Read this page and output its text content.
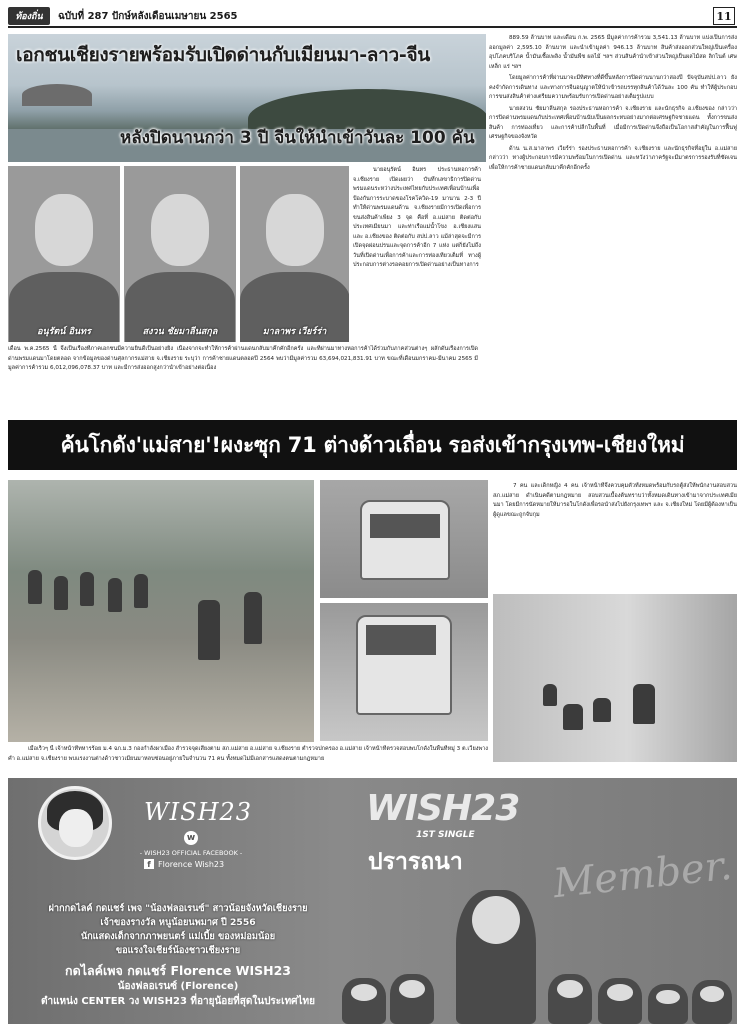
ท้องถิ่น	ฉบับที่ 287 ปักษ์หลังเดือนเมษายน 2565	11
เอกชนเชียงรายพร้อมรับเปิดด่านกับเมียนมา-ลาว-จีน
หลังปิดนานกว่า 3 ปี จีนให้นำเข้าวันละ 100 คัน
อนุรัตน์ อินทร	สงวน ชัยมาลีนสกุล	มาลาพร เวียร์ร่า
นายอนุรัตน์ อินทร ประธานหอการค้า จ.เชียงราย เปิดเผยว่า บันทึกเลขาธิการปิดด่านพรมแดนระหว่างประเทศไทยกับประเทศเพื่อนบ้านเพื่อป้องกันการระบาดของโรคโควิด-19 มานาน 2-3 ปี ทำให้ด่านพรมแดนด้าน จ.เชียงรายมีการเปิดเพื่อการขนส่งสินค้าเพียง 3 จุด คือที่ อ.แม่สาย ติดต่อกับประเทศเมียนมา และท่าเรือแม่น้ำโขง อ.เชียงแสน และ อ.เชียงของ ติดต่อกับ สปป.ลาว แม้ล่าสุดจะมีการเปิดจุดผ่อนปรนและจุดการค้าอีก 7 แห่ง แต่ก็ยังไม่ถึงวันที่เปิดด่านเพื่อการค้าและการท่องเทียวเต็มที่ ทางผู้ประกอบการต่างรอคอยการเปิดด่านอย่างเป็นทางการ
เดือน พ.ค.2565 นี้ จึงเป็นเรื่องที่ภาคเอกชนมีความยินดีเป็นอย่างยิ่ง เนื่องจากจะทำให้การค้าผ่านแดนกลับมาคึกคักอีกครั้ง และที่ผ่านมาทางหอการค้าได้ร่วมกับภาคส่วนต่างๆ ผลักดันเรื่องการเปิดด่านพรมแดนมาโดยตลอด จากข้อมูลของด่านศุลกากรแม่สาย จ.เชียงราย ระบุว่า การค้าชายแดนตลอดปี 2564 พบว่ามีมูลค่ารวม 63,694,021,831.91 บาท ขณะที่เดือนมกราคม-มีนาคม 2565 มีมูลค่าการค้ารวม 6,012,096,078.37 บาท และมีการส่งออกสูงกว่านำเข้าอย่างต่อเนื่อง

889.59 ล้านบาท และเดือน ก.พ. 2565 มีมูลค่าการค้ารวม 3,541.13 ล้านบาท แบ่งเป็นการส่งออกมูลค่า 2,595.10 ล้านบาท และนำเข้ามูลค่า 946.13 ล้านบาท สินค้าส่งออกส่วนใหญ่เป็นเครื่องอุปโภคบริโภค น้ำมันเชื้อเพลิง น้ำมันพืช ผลไม้ ฯลฯ ส่วนสินค้านำเข้าส่วนใหญ่เป็นผลไม้สด ลิกไนต์ เศษเหล็ก แร่ ฯลฯ

โดยมูลค่าการค้าที่ผ่านมาจะมีทิศทางที่ดีขึ้นหลังการปิดด่านนานกว่าสองปี ปัจจุบันสปป.ลาว ยังคงจำกัดการเดินทาง และทางการจีนอนุญาตให้นำเข้ารถบรรทุกสินค้าได้วันละ 100 คัน ทำให้ผู้ประกอบการขนส่งสินค้าต่างเตรียมความพร้อมรับการเปิดด่านอย่างเต็มรูปแบบ

นายสงวน ชัยมาลีนสกุล รองประธานหอการค้า จ.เชียงราย และนักธุรกิจ อ.เชียงของ กล่าวว่า การปิดด่านพรมแดนกับประเทศเพื่อนบ้านนับเป็นผลกระทบอย่างมากต่อเศรษฐกิจชายแดน ทั้งการขนส่งสินค้า การท่องเที่ยว และการค้าปลีกในพื้นที่ เมื่อมีการเปิดด่านจึงถือเป็นโอกาสสำคัญในการฟื้นฟูเศรษฐกิจของจังหวัด

ด้าน น.ส.มาลาพร เวียร์ร่า รองประธานหอการค้า จ.เชียงราย และนักธุรกิจที่อยู่ใน อ.แม่สาย กล่าวว่า ทางผู้ประกอบการมีความพร้อมในการเปิดด่าน และหวังว่าภาครัฐจะมีมาตรการรองรับที่ชัดเจนเพื่อให้การค้าชายแดนกลับมาคึกคักอีกครั้ง

ค้นโกดัง'แม่สาย'!ผงะซุก 71 ต่างด้าวเถื่อน รอส่งเข้ากรุงเทพ-เชียงใหม่
7 คน และเด็กหญิง 4 คน เจ้าหน้าที่จึงควบคุมตัวทั้งหมดพร้อมกับรถตู้ส่งให้พนักงานสอบสวน สภ.แม่สาย ดำเนินคดีตามกฎหมาย สอบสวนเบื้องต้นทราบว่าทั้งหมดเดินทางเข้ามาจากประเทศเมียนมา โดยมีการนัดหมายให้มารอในโกดังเพื่อรอนำส่งไปยังกรุงเทพฯ และ จ.เชียงใหม่ โดยมีผู้ต้องหาเป็นผู้ดูแลขณะถูกจับกุม
เมื่อเร็วๆ นี้ เจ้าหน้าที่ทหารร้อย ม.4 ฉก.ม.3 กองกำลังผาเมือง สำรวจจุดเสี่ยงตาม สภ.แม่สาย อ.แม่สาย จ.เชียงราย ตำรวจปกครอง อ.แม่สาย เจ้าหน้าที่ตรวจสอบพบโกดังในพื้นที่หมู่ 3 ต.เวียงพางคำ อ.แม่สาย จ.เชียงราย พบแรงงานต่างด้าวชาวเมียนมาหลบซ่อนอยู่ภายในจำนวน 71 คน ทั้งหมดไม่มีเอกสารแสดงตนตามกฎหมาย
WISH23
w
- WISH23 OFFICIAL FACEBOOK -
f Florence Wish23
WISH23
1ST SINGLE
ปรารถนา Member.
ฝากกดไลค์ กดแชร์ เพจ "น้องฟลอเรนซ์" สาวน้อยจังหวัดเชียงราย
เจ้าของรางวัล หนูน้อยนพมาศ ปี 2556
นักแสดงเด็กจากภาพยนตร์ แม่เบี้ย ของหม่อมน้อย
ขอแรงใจเชียร์น้องชาวเชียงราย
กดไลค์เพจ กดแชร์ Florence WISH23
น้องฟลอเรนซ์ (Florence)
ตำแหน่ง CENTER วง WISH23 ที่อายุน้อยที่สุดในประเทศไทย
